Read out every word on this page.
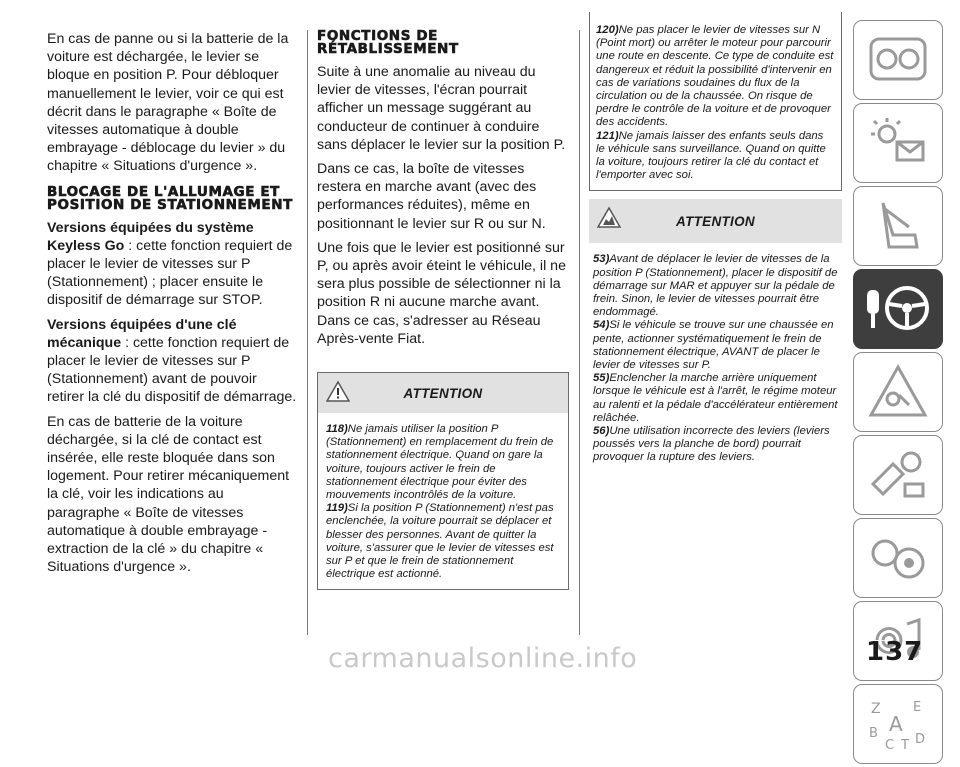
En cas de panne ou si la batterie de la voiture est déchargée, le levier se bloque en position P. Pour débloquer manuellement le levier, voir ce qui est décrit dans le paragraphe « Boîte de vitesses automatique à double embrayage - déblocage du levier » du chapitre « Situations d'urgence ».

BLOCAGE DE L'ALLUMAGE ET POSITION DE STATIONNEMENT

Versions équipées du système Keyless Go : cette fonction requiert de placer le levier de vitesses sur P (Stationnement) ; placer ensuite le dispositif de démarrage sur STOP.

Versions équipées d'une clé mécanique : cette fonction requiert de placer le levier de vitesses sur P (Stationnement) avant de pouvoir retirer la clé du dispositif de démarrage.

En cas de batterie de la voiture déchargée, si la clé de contact est insérée, elle reste bloquée dans son logement. Pour retirer mécaniquement la clé, voir les indications au paragraphe « Boîte de vitesses automatique à double embrayage - extraction de la clé » du chapitre « Situations d'urgence ».

FONCTIONS DE RÉTABLISSEMENT

Suite à une anomalie au niveau du levier de vitesses, l'écran pourrait afficher un message suggérant au conducteur de continuer à conduire sans déplacer le levier sur la position P.

Dans ce cas, la boîte de vitesses restera en marche avant (avec des performances réduites), même en positionnant le levier sur R ou sur N.

Une fois que le levier est positionné sur P, ou après avoir éteint le véhicule, il ne sera plus possible de sélectionner ni la position R ni aucune marche avant. Dans ce cas, s'adresser au Réseau Après-vente Fiat.

ATTENTION

118)Ne jamais utiliser la position P (Stationnement) en remplacement du frein de stationnement électrique. Quand on gare la voiture, toujours activer le frein de stationnement électrique pour éviter des mouvements incontrôlés de la voiture.

119)Si la position P (Stationnement) n'est pas enclenchée, la voiture pourrait se déplacer et blesser des personnes. Avant de quitter la voiture, s'assurer que le levier de vitesses est sur P et que le frein de stationnement électrique est actionné.

120)Ne pas placer le levier de vitesses sur N (Point mort) ou arrêter le moteur pour parcourir une route en descente. Ce type de conduite est dangereux et réduit la possibilité d'intervenir en cas de variations soudaines du flux de la circulation ou de la chaussée. On risque de perdre le contrôle de la voiture et de provoquer des accidents.

121)Ne jamais laisser des enfants seuls dans le véhicule sans surveillance. Quand on quitte la voiture, toujours retirer la clé du contact et l'emporter avec soi.

ATTENTION

53)Avant de déplacer le levier de vitesses de la position P (Stationnement), placer le dispositif de démarrage sur MAR et appuyer sur la pédale de frein. Sinon, le levier de vitesses pourrait être endommagé.

54)Si le véhicule se trouve sur une chaussée en pente, actionner systématiquement le frein de stationnement électrique, AVANT de placer le levier de vitesses sur P.

55)Enclencher la marche arrière uniquement lorsque le véhicule est à l'arrêt, le régime moteur au ralenti et la pédale d'accélérateur entièrement relâchée.

56)Une utilisation incorrecte des leviers (leviers poussés vers la planche de bord) pourrait provoquer la rupture des leviers.

Z E
A
B
C T D
carmanualsonline.info	137
